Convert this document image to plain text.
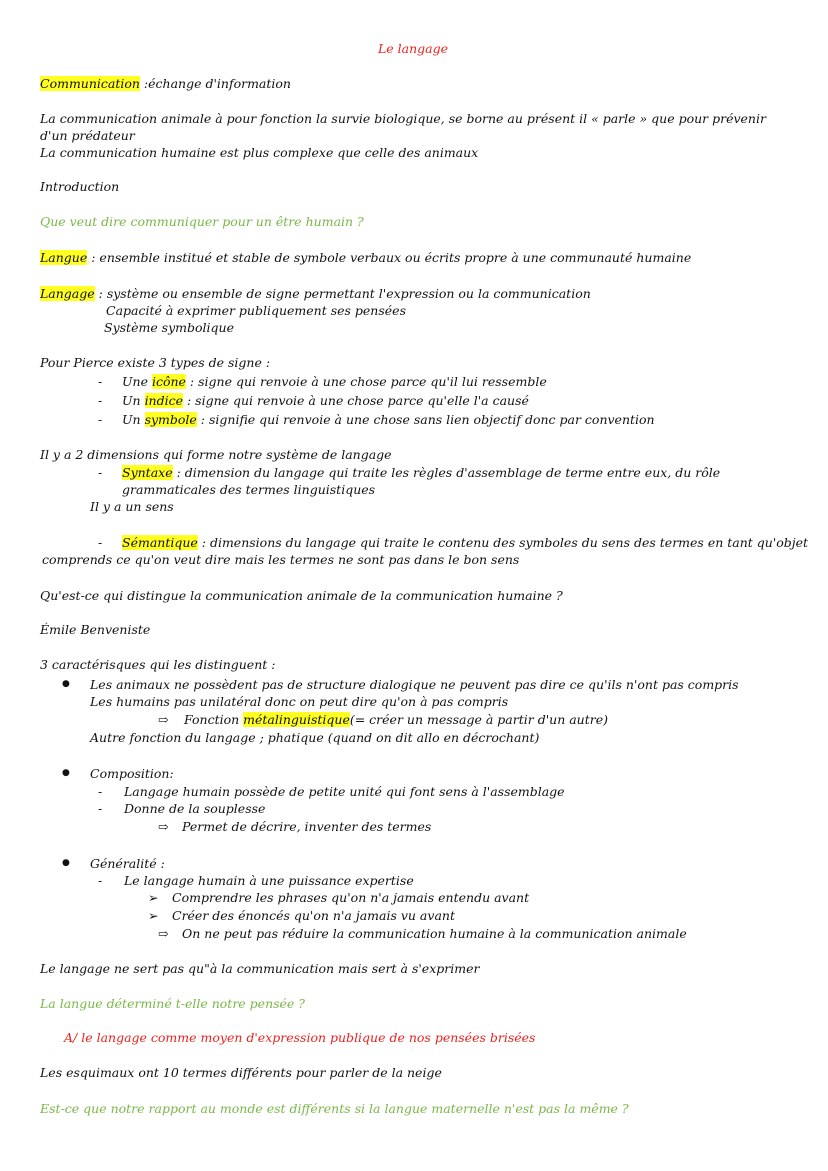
Le langage
Communication :échange d'information
La communication animale à pour fonction la survie biologique, se borne au présent il « parle » que pour prévenir
d'un prédateur
La communication humaine est plus complexe que celle des animaux
Introduction
Que veut dire communiquer pour un être humain ?
Langue : ensemble institué et stable de symbole verbaux ou écrits propre à une communauté humaine
Langage : système ou ensemble de signe permettant l'expression ou la communication
Capacité à exprimer publiquement ses pensées
Système symbolique
Pour Pierce existe 3 types de signe :
- Une icône : signe qui renvoie à une chose parce qu'il lui ressemble
- Un indice : signe qui renvoie à une chose parce qu'elle l'a causé
- Un symbole : signifie qui renvoie à une chose sans lien objectif donc par convention
Il y a 2 dimensions qui forme notre système de langage
- Syntaxe : dimension du langage qui traite les règles d'assemblage de terme entre eux, du rôle
grammaticales des termes linguistiques
Il y a un sens
- Sémantique : dimensions du langage qui traite le contenu des symboles du sens des termes en tant qu'objet
comprends ce qu'on veut dire mais les termes ne sont pas dans le bon sens
Qu'est-ce qui distingue la communication animale de la communication humaine ?
Émile Benveniste
3 caractérisques qui les distinguent :
● Les animaux ne possèdent pas de structure dialogique ne peuvent pas dire ce qu'ils n'ont pas compris
Les humains pas unilatéral donc on peut dire qu'on à pas compris
⇨ Fonction métalinguistique(= créer un message à partir d'un autre)
Autre fonction du langage ; phatique (quand on dit allo en décrochant)
● Composition:
- Langage humain possède de petite unité qui font sens à l'assemblage
- Donne de la souplesse
⇨ Permet de décrire, inventer des termes
● Généralité :
- Le langage humain à une puissance expertise
➢ Comprendre les phrases qu'on n'a jamais entendu avant
➢ Créer des énoncés qu'on n'a jamais vu avant
⇨ On ne peut pas réduire la communication humaine à la communication animale
Le langage ne sert pas qu"à la communication mais sert à s'exprimer
La langue déterminé t-elle notre pensée ?
A/ le langage comme moyen d'expression publique de nos pensées brisées
Les esquimaux ont 10 termes différents pour parler de la neige
Est-ce que notre rapport au monde est différents si la langue maternelle n'est pas la même ?
